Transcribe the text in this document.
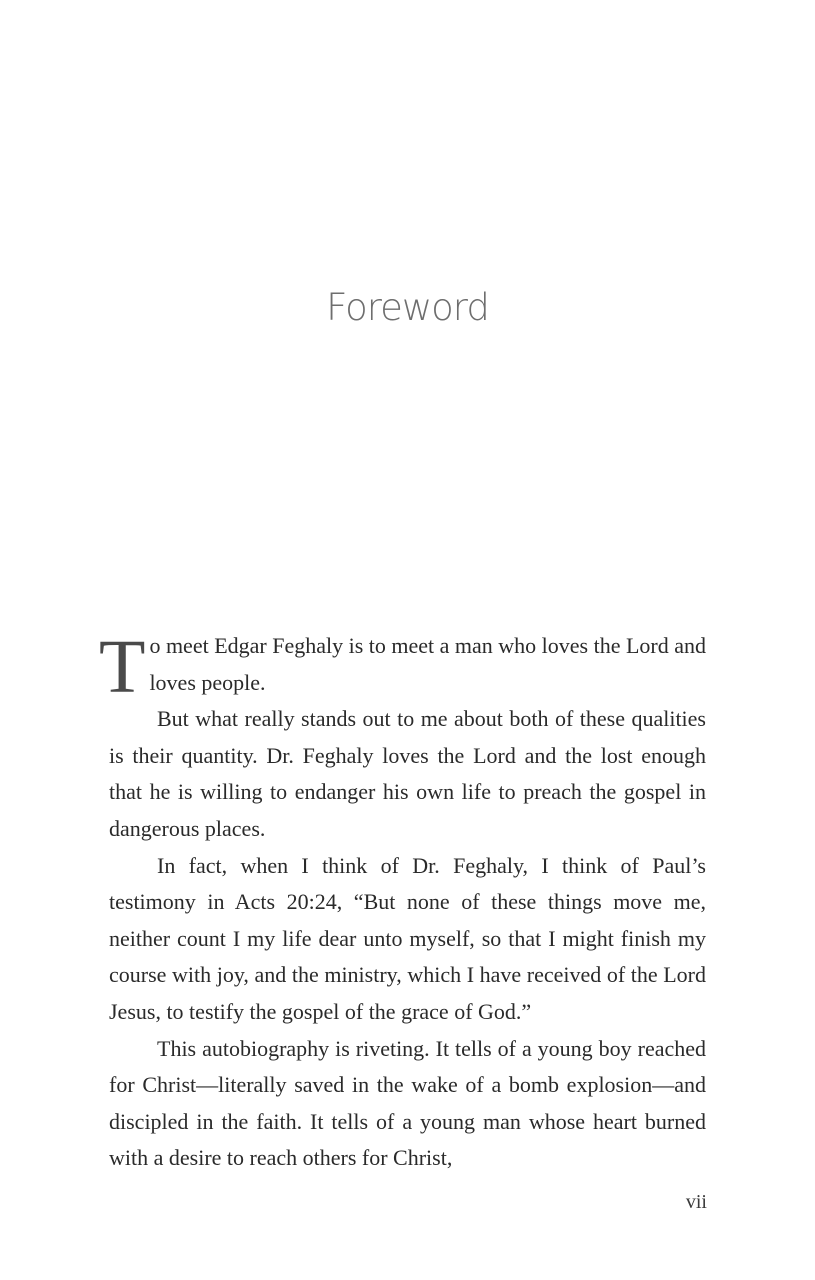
Foreword

To meet Edgar Feghaly is to meet a man who loves the Lord and loves people.

But what really stands out to me about both of these qualities is their quantity. Dr. Feghaly loves the Lord and the lost enough that he is willing to endanger his own life to preach the gospel in dangerous places.

In fact, when I think of Dr. Feghaly, I think of Paul’s testimony in Acts 20:24, “But none of these things move me, neither count I my life dear unto myself, so that I might finish my course with joy, and the ministry, which I have received of the Lord Jesus, to testify the gospel of the grace of God.”

This autobiography is riveting. It tells of a young boy reached for Christ—literally saved in the wake of a bomb explosion—and discipled in the faith. It tells of a young man whose heart burned with a desire to reach others for Christ,

vii
